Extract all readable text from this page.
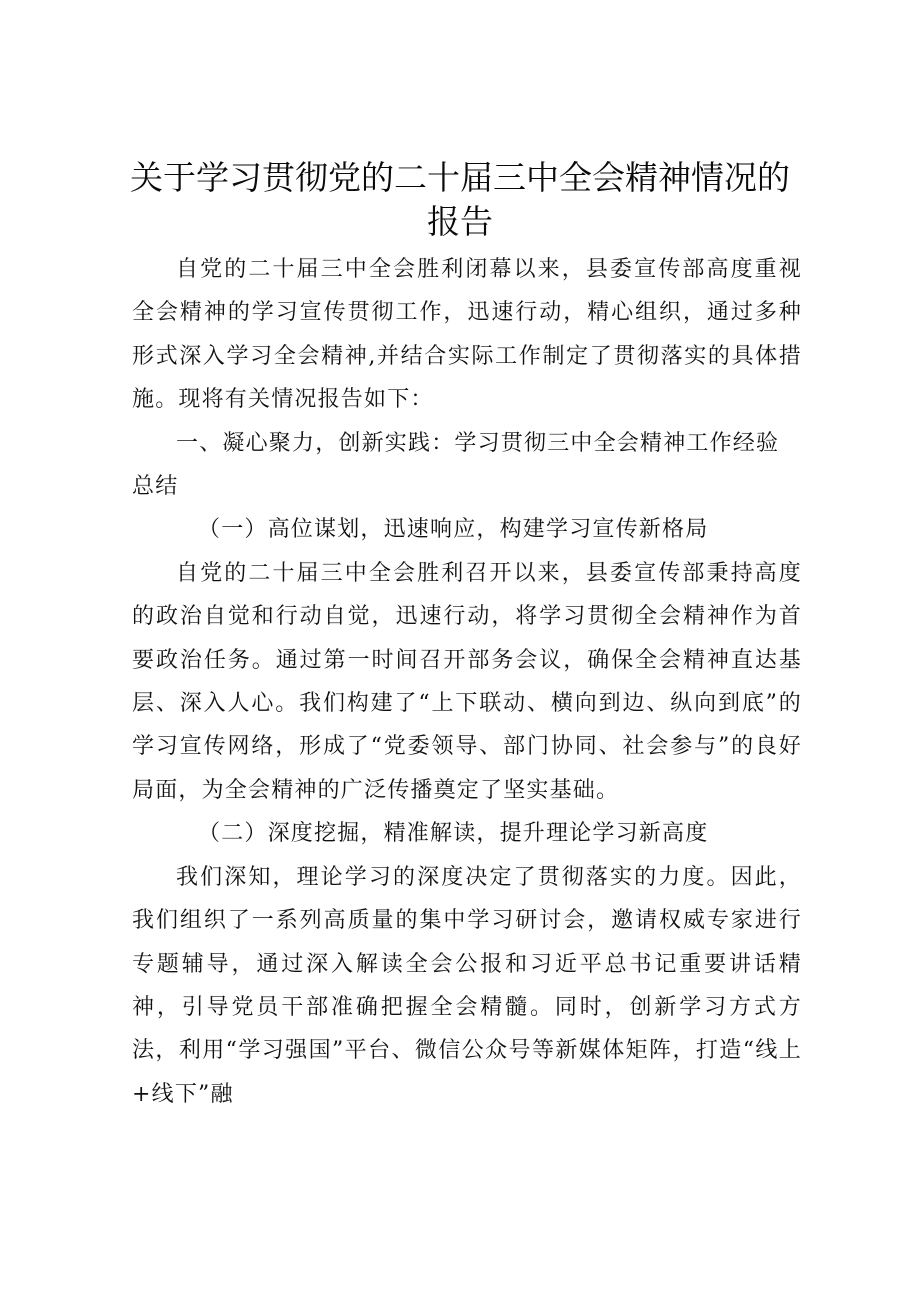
关于学习贯彻党的二十届三中全会精神情况的
报告

自党的二十届三中全会胜利闭幕以来，县委宣传部高度重视全会精神的学习宣传贯彻工作，迅速行动，精心组织，通过多种形式深入学习全会精神,并结合实际工作制定了贯彻落实的具体措施。现将有关情况报告如下：

一、凝心聚力，创新实践：学习贯彻三中全会精神工作经验总结

（一）高位谋划，迅速响应，构建学习宣传新格局

自党的二十届三中全会胜利召开以来，县委宣传部秉持高度的政治自觉和行动自觉，迅速行动，将学习贯彻全会精神作为首要政治任务。通过第一时间召开部务会议，确保全会精神直达基层、深入人心。我们构建了“上下联动、横向到边、纵向到底”的学习宣传网络，形成了“党委领导、部门协同、社会参与”的良好局面，为全会精神的广泛传播奠定了坚实基础。

（二）深度挖掘，精准解读，提升理论学习新高度

我们深知，理论学习的深度决定了贯彻落实的力度。因此，我们组织了一系列高质量的集中学习研讨会，邀请权威专家进行专题辅导，通过深入解读全会公报和习近平总书记重要讲话精神，引导党员干部准确把握全会精髓。同时，创新学习方式方法，利用“学习强国”平台、微信公众号等新媒体矩阵，打造“线上+线下”融
